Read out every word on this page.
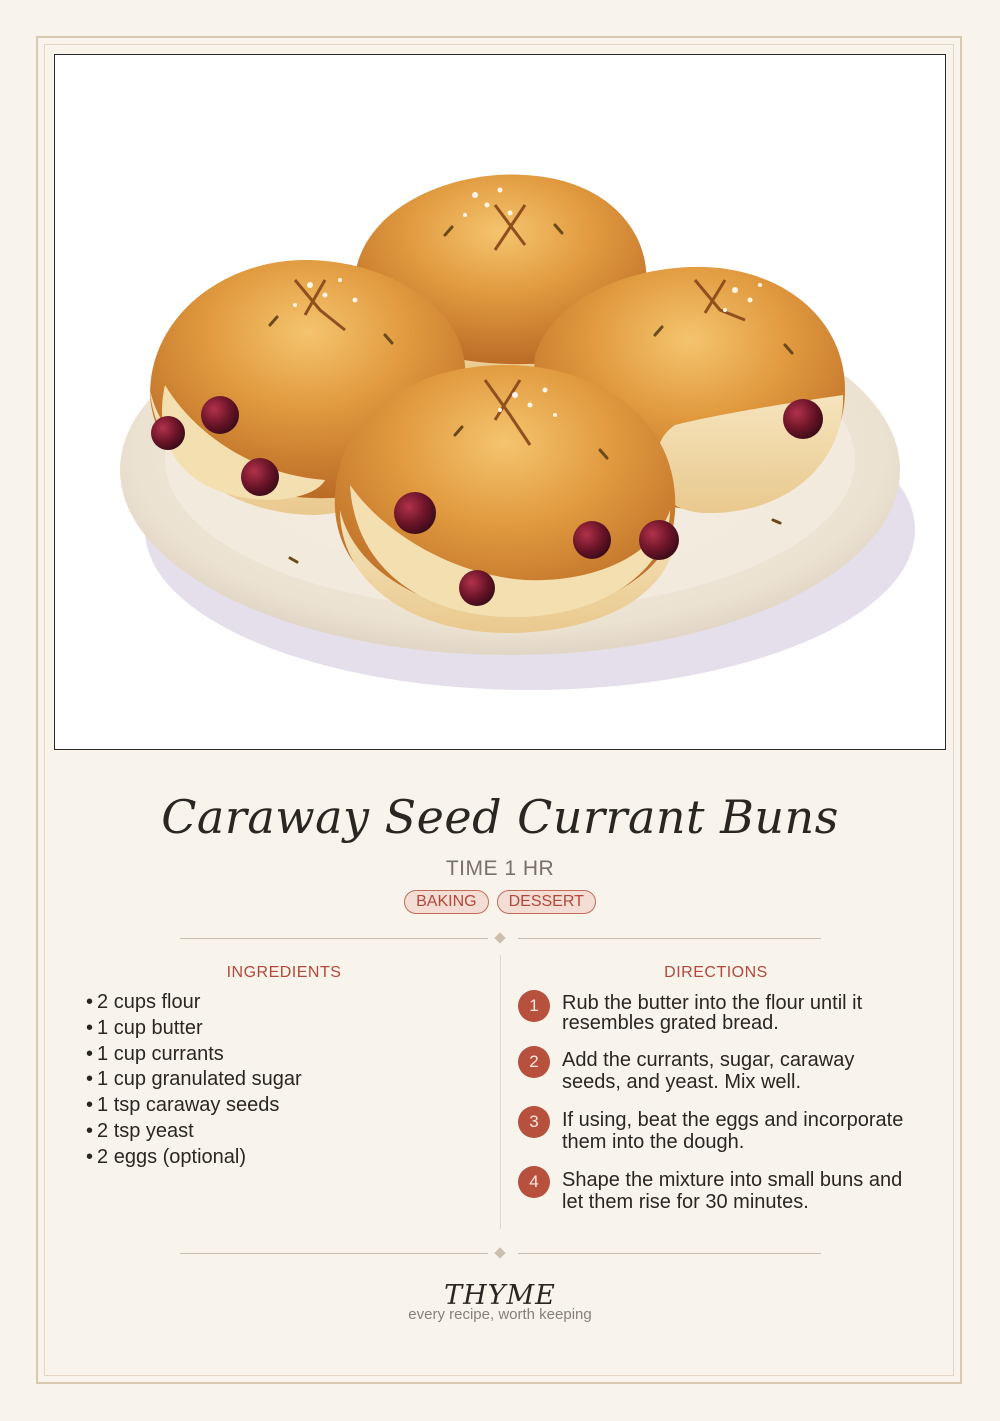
Caraway Seed Currant Buns
TIME 1 HR
BAKING	DESSERT
INGREDIENTS	DIRECTIONS
• 2 cups flour
• 1 cup butter
• 1 cup currants
• 1 cup granulated sugar
• 1 tsp caraway seeds
• 2 tsp yeast
• 2 eggs (optional)
1	Rub the butter into the flour until it resembles grated bread.
2	Add the currants, sugar, caraway seeds, and yeast. Mix well.
3	If using, beat the eggs and incorporate them into the dough.
4	Shape the mixture into small buns and let them rise for 30 minutes.
THYME
every recipe, worth keeping
